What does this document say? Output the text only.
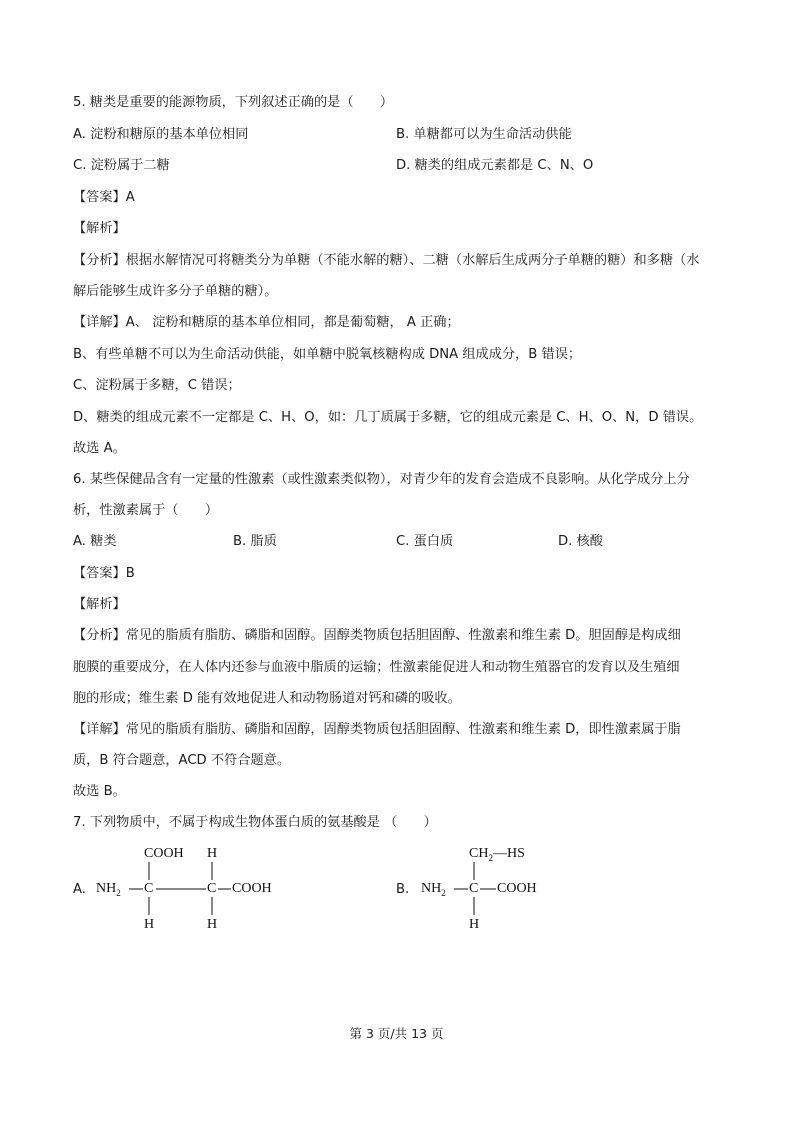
5. 糖类是重要的能源物质，下列叙述正确的是（　　）
A. 淀粉和糖原的基本单位相同	B. 单糖都可以为生命活动供能
C. 淀粉属于二糖	D. 糖类的组成元素都是 C、N、O
【答案】A
【解析】
【分析】根据水解情况可将糖类分为单糖（不能水解的糖）、二糖（水解后生成两分子单糖的糖）和多糖（水
解后能够生成许多分子单糖的糖）。
【详解】A、 淀粉和糖原的基本单位相同，都是葡萄糖， A 正确；
B、有些单糖不可以为生命活动供能，如单糖中脱氧核糖构成 DNA 组成成分，B 错误；
C、淀粉属于多糖，C 错误；
D、糖类的组成元素不一定都是 C、H、O，如：几丁质属于多糖，它的组成元素是 C、H、O、N，D 错误。
故选 A。
6. 某些保健品含有一定量的性激素（或性激素类似物），对青少年的发育会造成不良影响。从化学成分上分
析，性激素属于（　　）
A. 糖类	B. 脂质	C. 蛋白质	D. 核酸
【答案】B
【解析】
【分析】常见的脂质有脂肪、磷脂和固醇。固醇类物质包括胆固醇、性激素和维生素 D。胆固醇是构成细
胞膜的重要成分，在人体内还参与血液中脂质的运输；性激素能促进人和动物生殖器官的发育以及生殖细
胞的形成；维生素 D 能有效地促进人和动物肠道对钙和磷的吸收。
【详解】常见的脂质有脂肪、磷脂和固醇，固醇类物质包括胆固醇、性激素和维生素 D，即性激素属于脂
质，B 符合题意，ACD 不符合题意。
故选 B。
7. 下列物质中，不属于构成生物体蛋白质的氨基酸是 （　　）
A.
COOH H
$NH_2$ C	C COOH
H	H
B.
$CH_2—HS$
$NH_2$ C COOH
H
第 3 页/共 13 页
